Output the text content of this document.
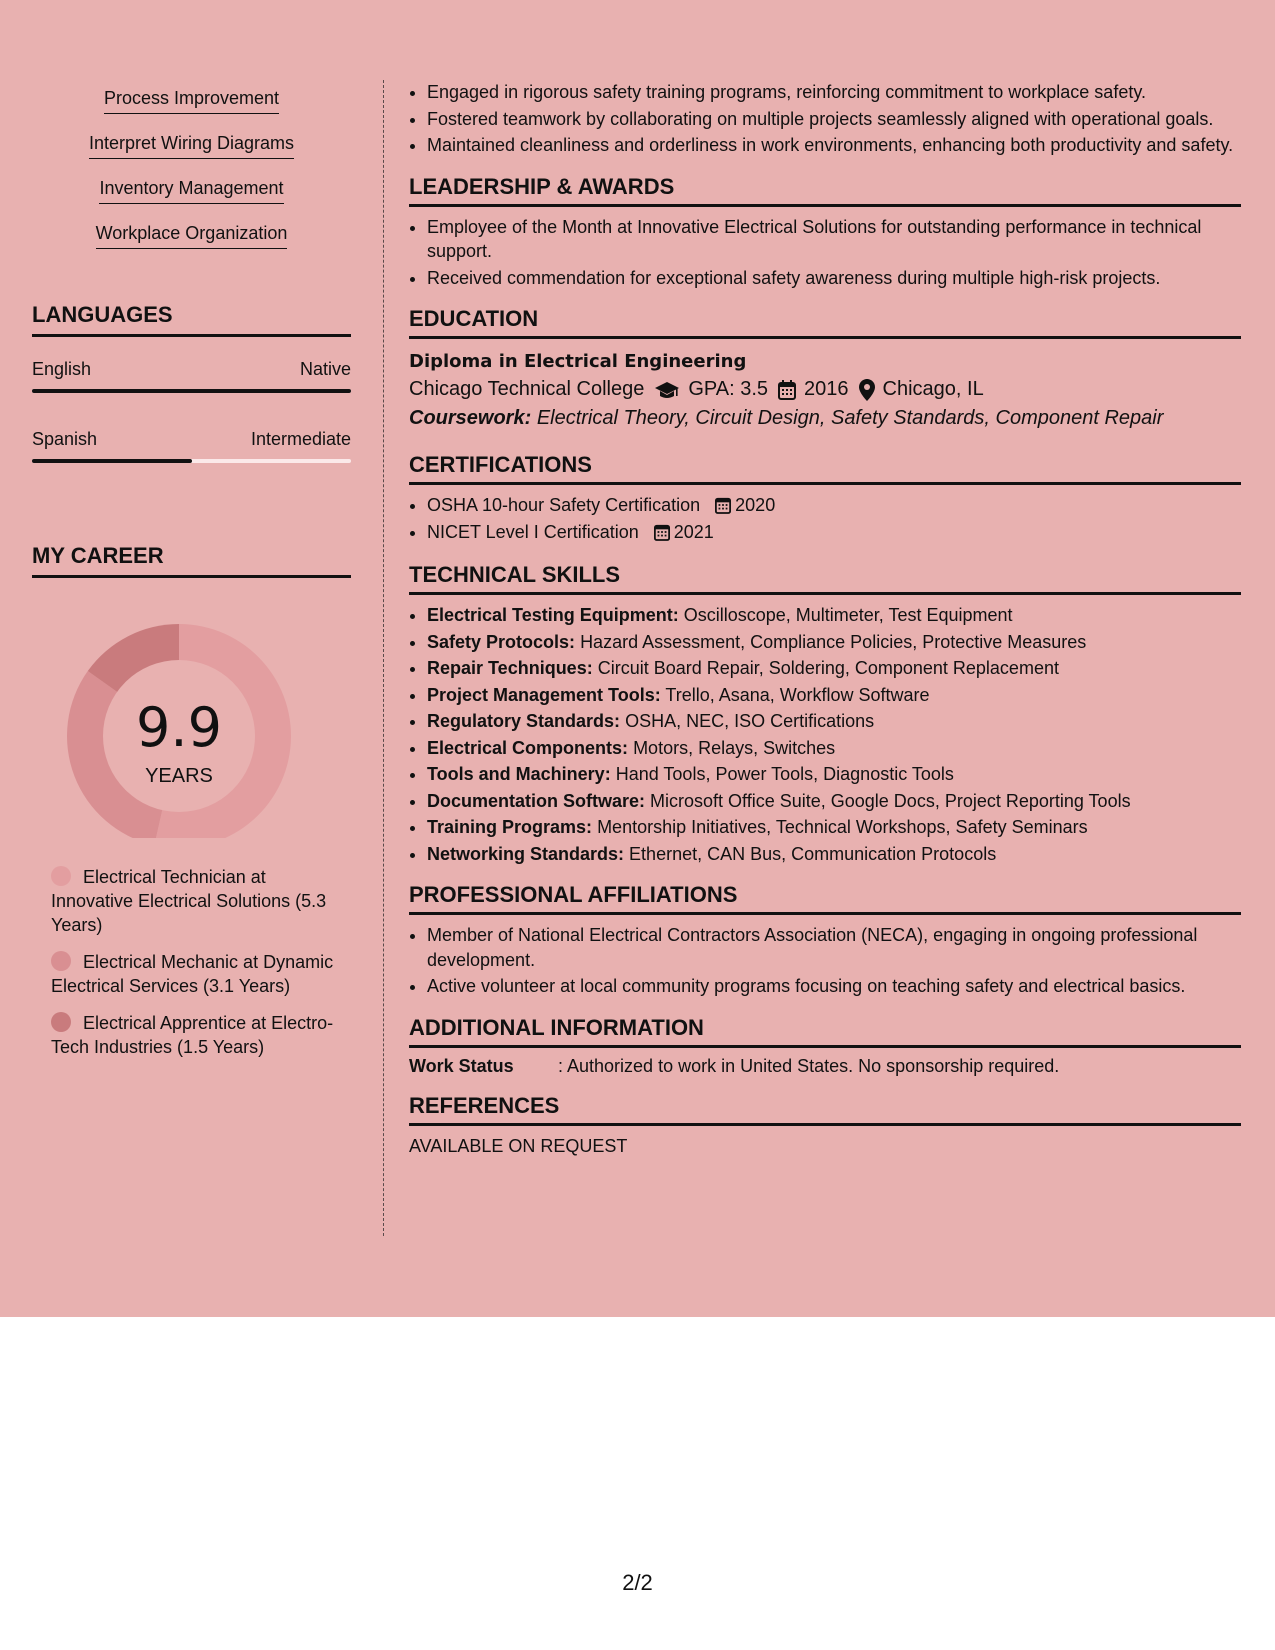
Process Improvement
Interpret Wiring Diagrams
Inventory Management
Workplace Organization
LANGUAGES
English	Native
Spanish	Intermediate
MY CAREER
9.9
YEARS
Electrical Technician at Innovative Electrical Solutions (5.3 Years)
Electrical Mechanic at Dynamic Electrical Services (3.1 Years)
Electrical Apprentice at Electro-Tech Industries (1.5 Years)
• Engaged in rigorous safety training programs, reinforcing commitment to workplace safety.
• Fostered teamwork by collaborating on multiple projects seamlessly aligned with operational goals.
• Maintained cleanliness and orderliness in work environments, enhancing both productivity and safety.
LEADERSHIP & AWARDS
• Employee of the Month at Innovative Electrical Solutions for outstanding performance in technical support.
• Received commendation for exceptional safety awareness during multiple high-risk projects.
EDUCATION
Diploma in Electrical Engineering
Chicago Technical College GPA: 3.5 2016 Chicago, IL
Coursework: Electrical Theory, Circuit Design, Safety Standards, Component Repair
CERTIFICATIONS
• OSHA 10-hour Safety Certification 2020
• NICET Level I Certification 2021
TECHNICAL SKILLS
• Electrical Testing Equipment: Oscilloscope, Multimeter, Test Equipment
• Safety Protocols: Hazard Assessment, Compliance Policies, Protective Measures
• Repair Techniques: Circuit Board Repair, Soldering, Component Replacement
• Project Management Tools: Trello, Asana, Workflow Software
• Regulatory Standards: OSHA, NEC, ISO Certifications
• Electrical Components: Motors, Relays, Switches
• Tools and Machinery: Hand Tools, Power Tools, Diagnostic Tools
• Documentation Software: Microsoft Office Suite, Google Docs, Project Reporting Tools
• Training Programs: Mentorship Initiatives, Technical Workshops, Safety Seminars
• Networking Standards: Ethernet, CAN Bus, Communication Protocols
PROFESSIONAL AFFILIATIONS
• Member of National Electrical Contractors Association (NECA), engaging in ongoing professional development.
• Active volunteer at local community programs focusing on teaching safety and electrical basics.
ADDITIONAL INFORMATION
Work Status	: Authorized to work in United States. No sponsorship required.
REFERENCES
AVAILABLE ON REQUEST
2/2
